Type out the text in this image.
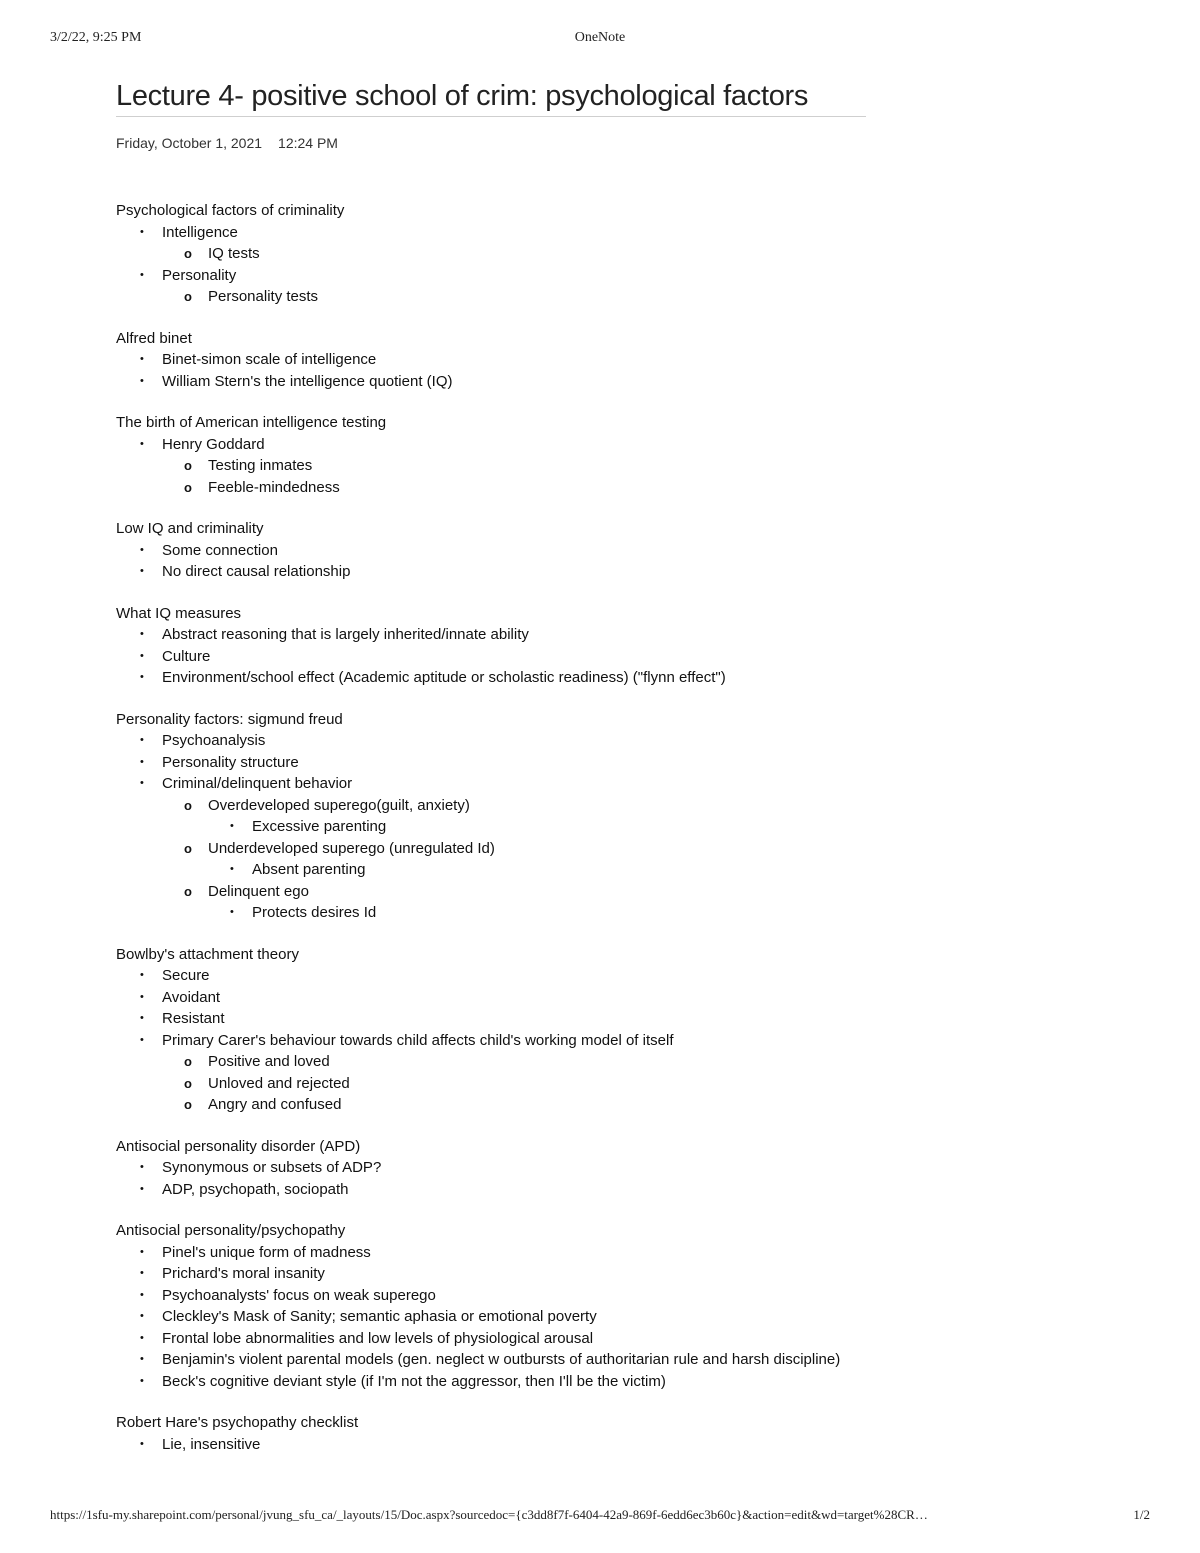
3/2/22, 9:25 PM	OneNote
Lecture 4- positive school of crim: psychological factors
Friday, October 1, 2021 12:24 PM

Psychological factors of criminality

• Intelligence
o IQ tests
• Personality
o Personality tests

Alfred binet

• Binet-simon scale of intelligence
• William Stern's the intelligence quotient (IQ)

The birth of American intelligence testing

• Henry Goddard
o Testing inmates
o Feeble-mindedness

Low IQ and criminality

• Some connection
• No direct causal relationship

What IQ measures

• Abstract reasoning that is largely inherited/innate ability
• Culture
• Environment/school effect (Academic aptitude or scholastic readiness) ("flynn effect")

Personality factors: sigmund freud

• Psychoanalysis
• Personality structure
• Criminal/delinquent behavior
o Overdeveloped superego(guilt, anxiety)
• Excessive parenting
o Underdeveloped superego (unregulated Id)
• Absent parenting
o Delinquent ego
• Protects desires Id

Bowlby's attachment theory

• Secure
• Avoidant
• Resistant
• Primary Carer's behaviour towards child affects child's working model of itself
o Positive and loved
o Unloved and rejected
o Angry and confused

Antisocial personality disorder (APD)

• Synonymous or subsets of ADP?
• ADP, psychopath, sociopath

Antisocial personality/psychopathy

• Pinel's unique form of madness
• Prichard's moral insanity
• Psychoanalysts' focus on weak superego
• Cleckley's Mask of Sanity; semantic aphasia or emotional poverty
• Frontal lobe abnormalities and low levels of physiological arousal
• Benjamin's violent parental models (gen. neglect w outbursts of authoritarian rule and harsh discipline)
• Beck's cognitive deviant style (if I'm not the aggressor, then I'll be the victim)

Robert Hare's psychopathy checklist

• Lie, insensitive
https://1sfu-my.sharepoint.com/personal/jvung_sfu_ca/_layouts/15/Doc.aspx?sourcedoc={c3dd8f7f-6404-42a9-869f-6edd6ec3b60c}&action=edit&wd=target%28CR…	1/2
